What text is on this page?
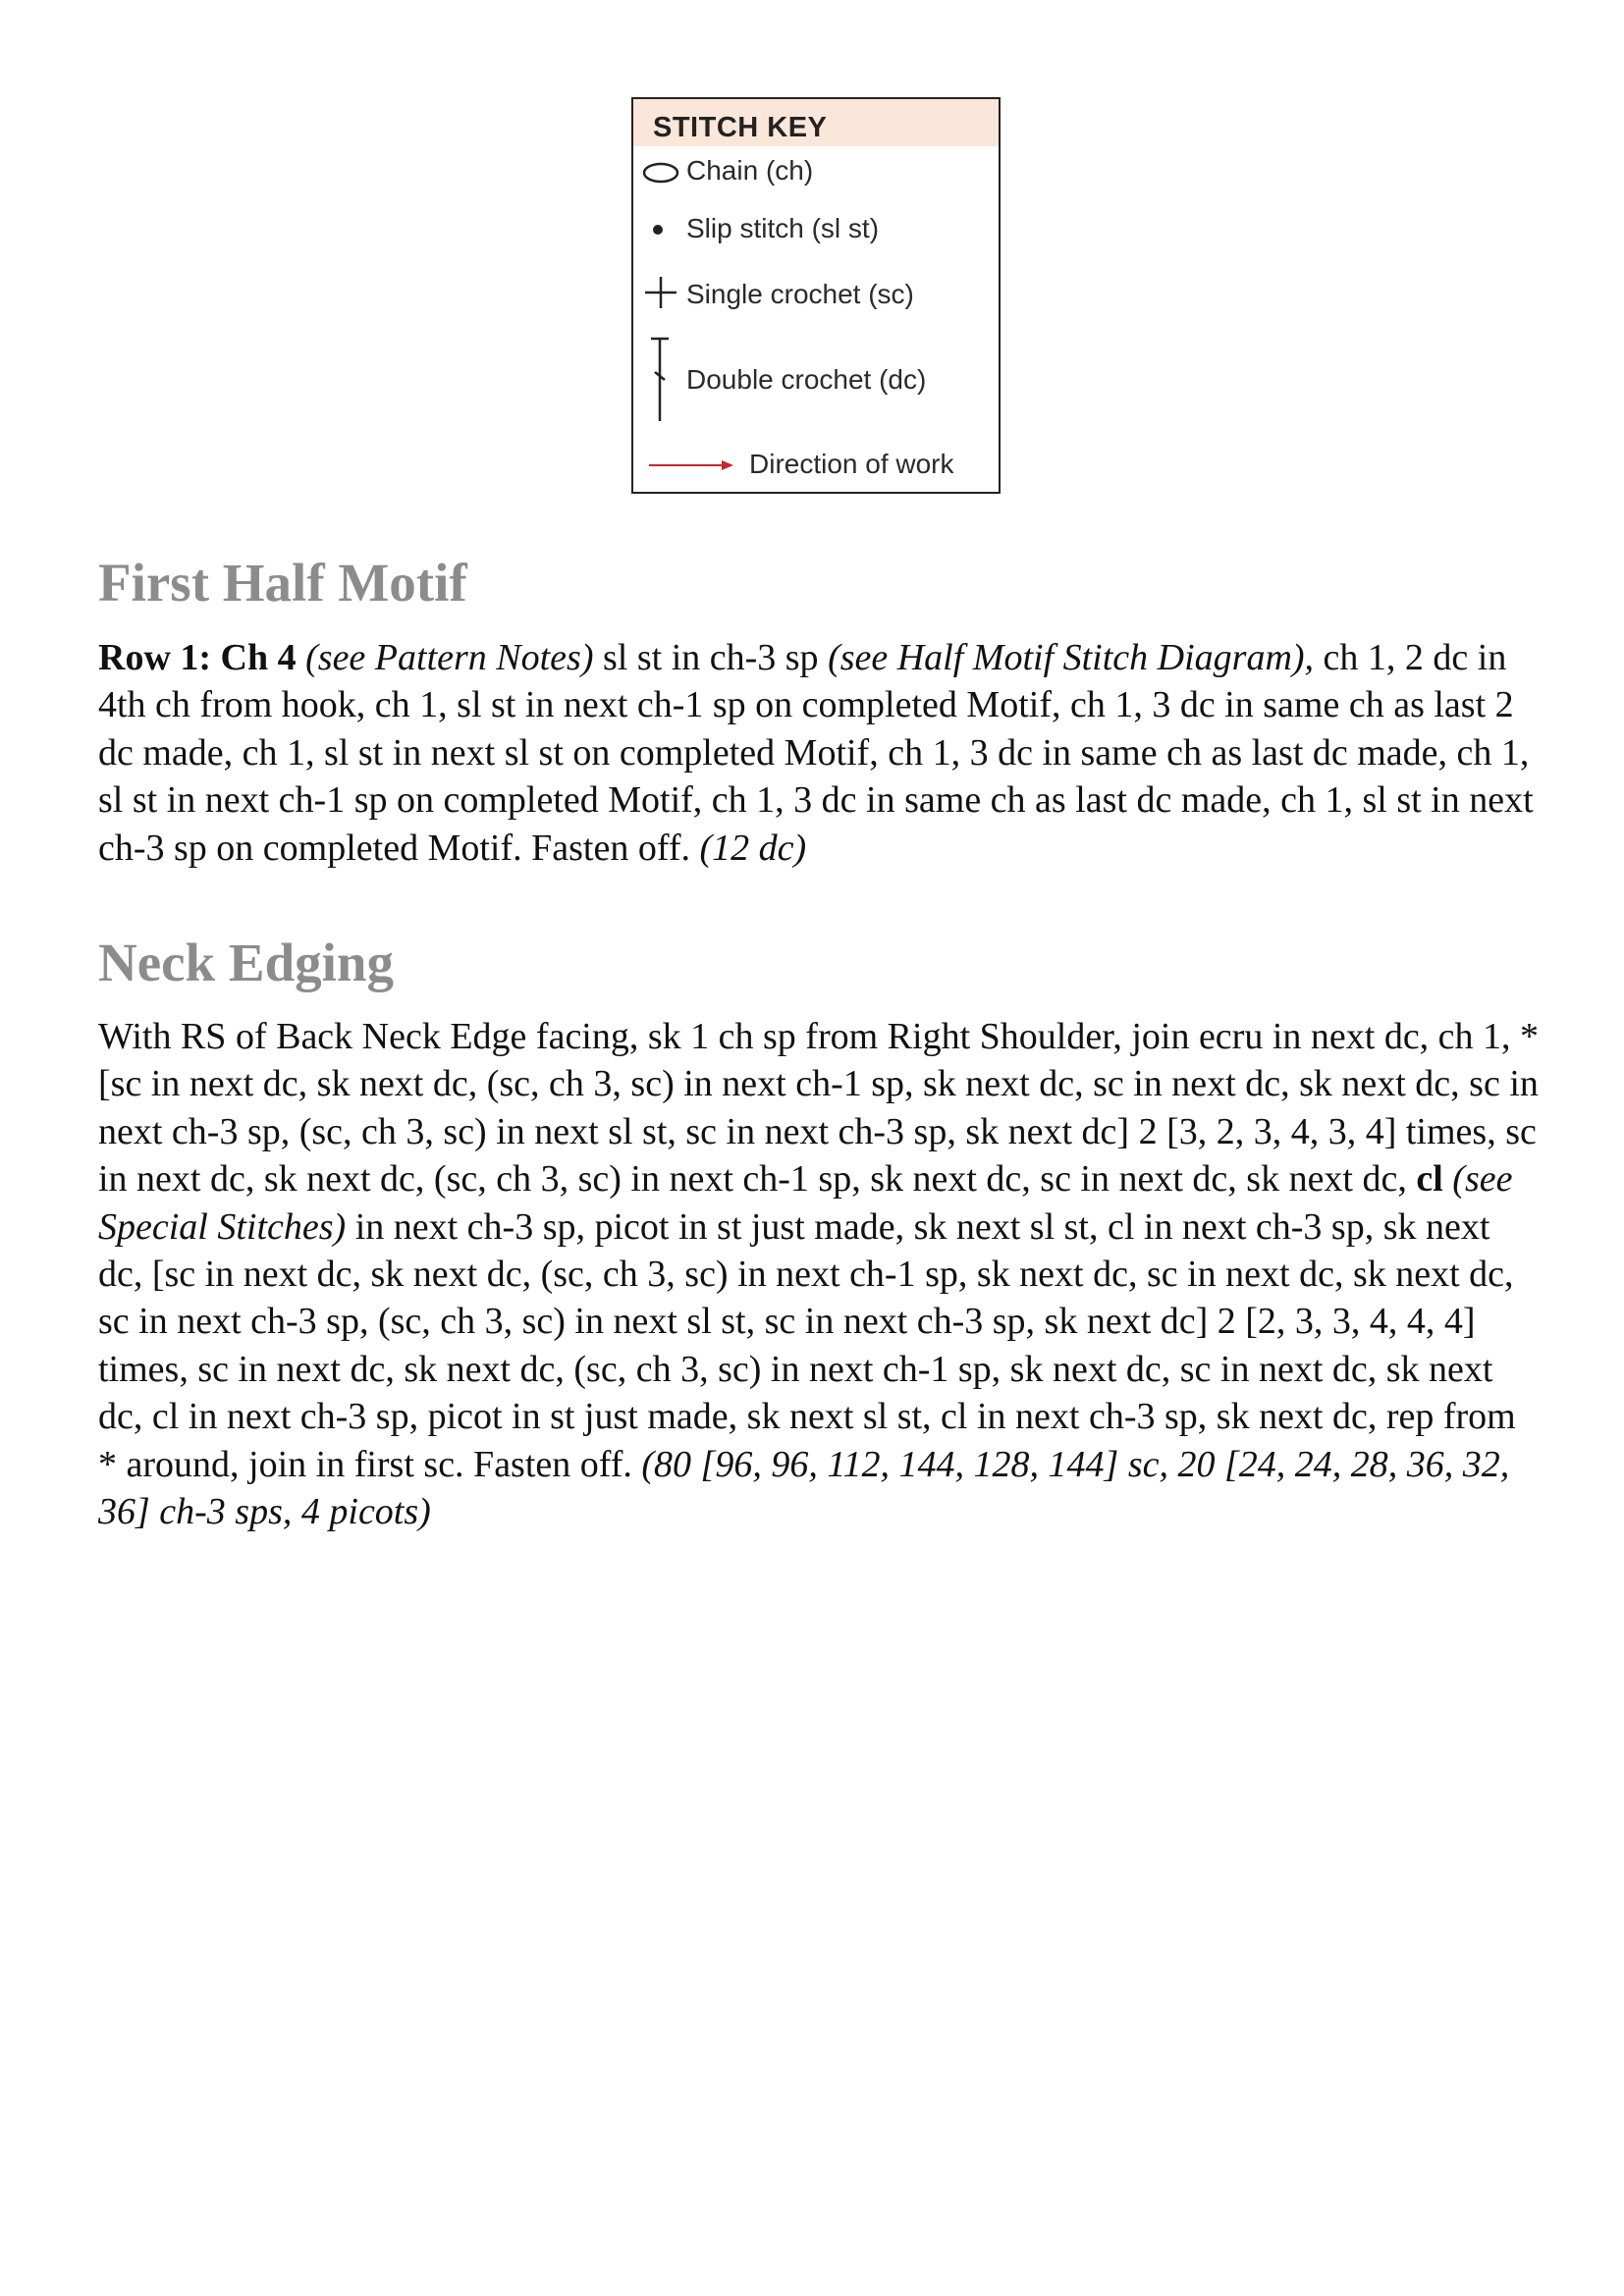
STITCH KEY
Chain (ch)
Slip stitch (sl st)
Single crochet (sc)
Double crochet (dc)
Direction of work
First Half Motif

Row 1: Ch 4 (see Pattern Notes) sl st in ch-3 sp (see Half Motif Stitch Diagram), ch 1, 2 dc in 4th ch from hook, ch 1, sl st in next ch-1 sp on completed Motif, ch 1, 3 dc in same ch as last 2 dc made, ch 1, sl st in next sl st on completed Motif, ch 1, 3 dc in same ch as last dc made, ch 1, sl st in next ch-1 sp on completed Motif, ch 1, 3 dc in same ch as last dc made, ch 1, sl st in next ch-3 sp on completed Motif. Fasten off. (12 dc)

Neck Edging

With RS of Back Neck Edge facing, sk 1 ch sp from Right Shoulder, join ecru in next dc, ch 1, *[sc in next dc, sk next dc, (sc, ch 3, sc) in next ch-1 sp, sk next dc, sc in next dc, sk next dc, sc in next ch-3 sp, (sc, ch 3, sc) in next sl st, sc in next ch-3 sp, sk next dc] 2 [3, 2, 3, 4, 3, 4] times, sc in next dc, sk next dc, (sc, ch 3, sc) in next ch-1 sp, sk next dc, sc in next dc, sk next dc, cl (see Special Stitches) in next ch-3 sp, picot in st just made, sk next sl st, cl in next ch-3 sp, sk next dc, [sc in next dc, sk next dc, (sc, ch 3, sc) in next ch-1 sp, sk next dc, sc in next dc, sk next dc, sc in next ch-3 sp, (sc, ch 3, sc) in next sl st, sc in next ch-3 sp, sk next dc] 2 [2, 3, 3, 4, 4, 4] times, sc in next dc, sk next dc, (sc, ch 3, sc) in next ch-1 sp, sk next dc, sc in next dc, sk next dc, cl in next ch-3 sp, picot in st just made, sk next sl st, cl in next ch-3 sp, sk next dc, rep from * around, join in first sc. Fasten off. (80 [96, 96, 112, 144, 128, 144] sc, 20 [24, 24, 28, 36, 32, 36] ch-3 sps, 4 picots)
